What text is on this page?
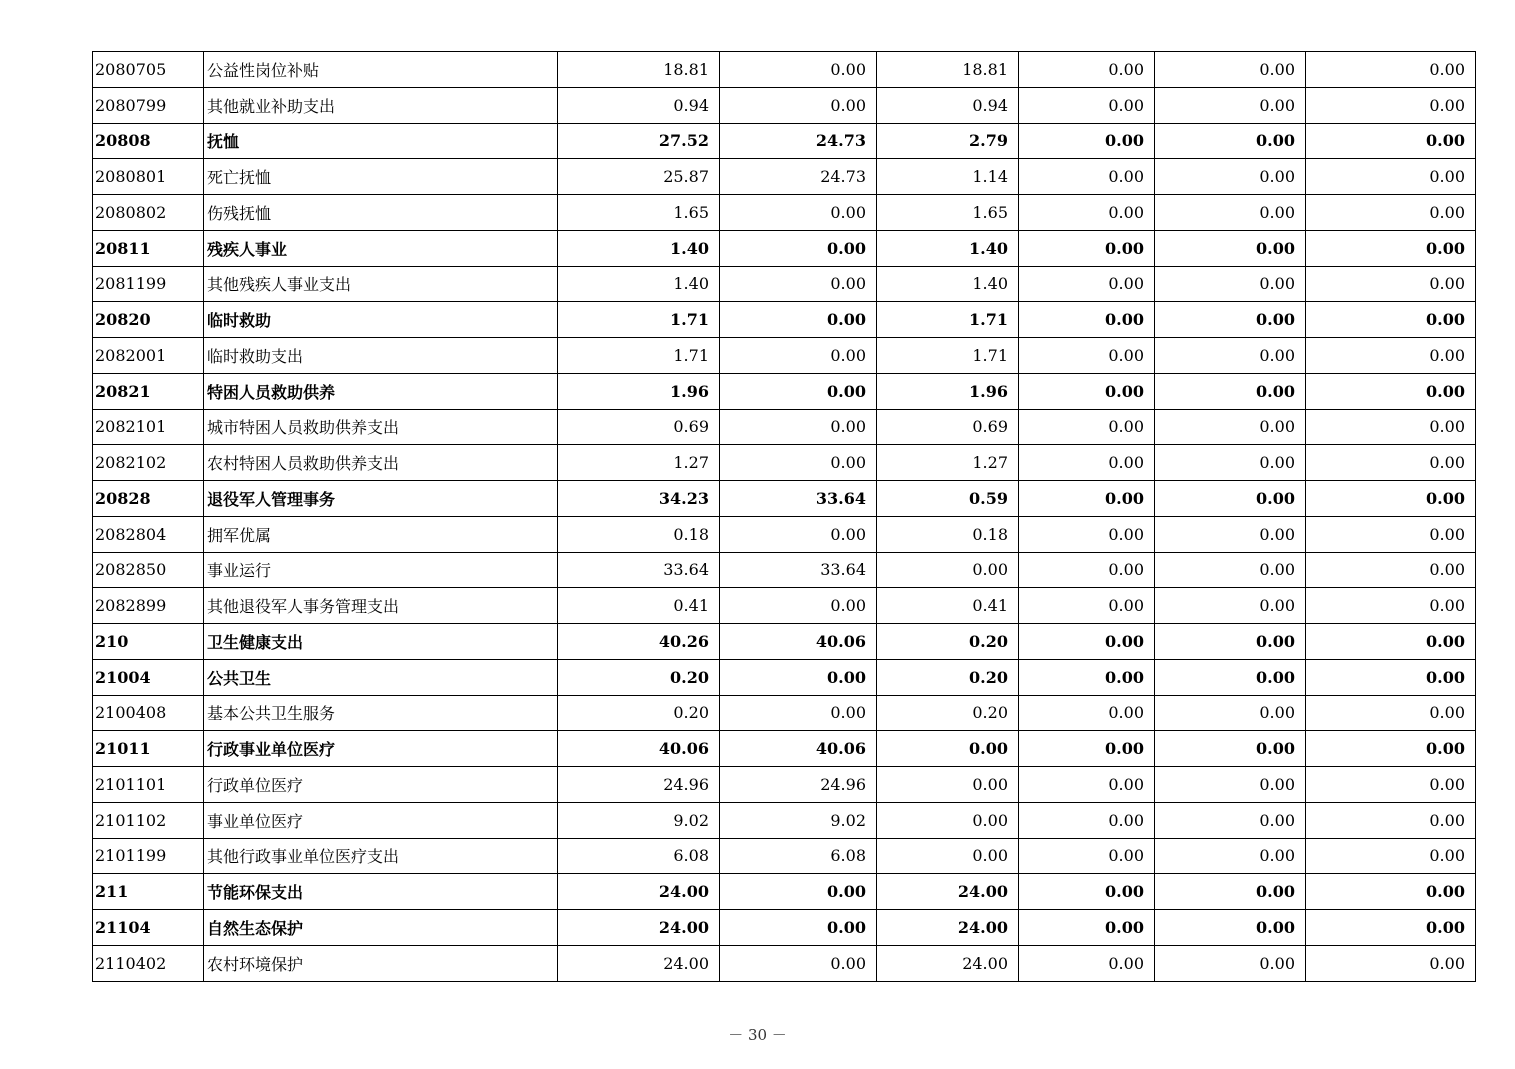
2080705	公益性岗位补贴	18.81	0.00	18.81	0.00	0.00	0.00
2080799	其他就业补助支出	0.94	0.00	0.94	0.00	0.00	0.00
20808	抚恤	27.52	24.73	2.79	0.00	0.00	0.00
2080801	死亡抚恤	25.87	24.73	1.14	0.00	0.00	0.00
2080802	伤残抚恤	1.65	0.00	1.65	0.00	0.00	0.00
20811	残疾人事业	1.40	0.00	1.40	0.00	0.00	0.00
2081199	其他残疾人事业支出	1.40	0.00	1.40	0.00	0.00	0.00
20820	临时救助	1.71	0.00	1.71	0.00	0.00	0.00
2082001	临时救助支出	1.71	0.00	1.71	0.00	0.00	0.00
20821	特困人员救助供养	1.96	0.00	1.96	0.00	0.00	0.00
2082101	城市特困人员救助供养支出	0.69	0.00	0.69	0.00	0.00	0.00
2082102	农村特困人员救助供养支出	1.27	0.00	1.27	0.00	0.00	0.00
20828	退役军人管理事务	34.23	33.64	0.59	0.00	0.00	0.00
2082804	拥军优属	0.18	0.00	0.18	0.00	0.00	0.00
2082850	事业运行	33.64	33.64	0.00	0.00	0.00	0.00
2082899	其他退役军人事务管理支出	0.41	0.00	0.41	0.00	0.00	0.00
210	卫生健康支出	40.26	40.06	0.20	0.00	0.00	0.00
21004	公共卫生	0.20	0.00	0.20	0.00	0.00	0.00
2100408	基本公共卫生服务	0.20	0.00	0.20	0.00	0.00	0.00
21011	行政事业单位医疗	40.06	40.06	0.00	0.00	0.00	0.00
2101101	行政单位医疗	24.96	24.96	0.00	0.00	0.00	0.00
2101102	事业单位医疗	9.02	9.02	0.00	0.00	0.00	0.00
2101199	其他行政事业单位医疗支出	6.08	6.08	0.00	0.00	0.00	0.00
211	节能环保支出	24.00	0.00	24.00	0.00	0.00	0.00
21104	自然生态保护	24.00	0.00	24.00	0.00	0.00	0.00
2110402	农村环境保护	24.00	0.00	24.00	0.00	0.00	0.00
－ 30 －
